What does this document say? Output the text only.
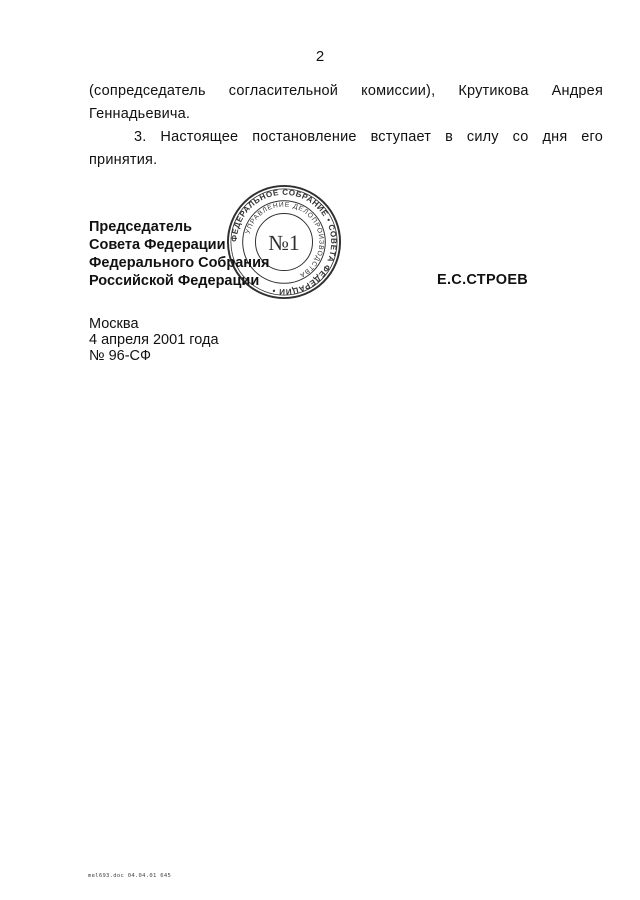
2
(сопредседатель согласительной комиссии), Крутикова Андрея
Геннадьевича.
3. Настоящее постановление вступает в силу со дня его
принятия.
Председатель
Совета Федерации
Федерального Собрания
Российской Федерации
ФЕДЕРАЛЬНОЕ СОБРАНИЕ • СОВЕТА ФЕДЕРАЦИИ •
УПРАВЛЕНИЕ ДЕЛОПРОИЗВОДСТВА
№1
Е.С.СТРОЕВ
Москва
4 апреля 2001 года
№ 96-СФ
mel693.doc 04.04.01 645
